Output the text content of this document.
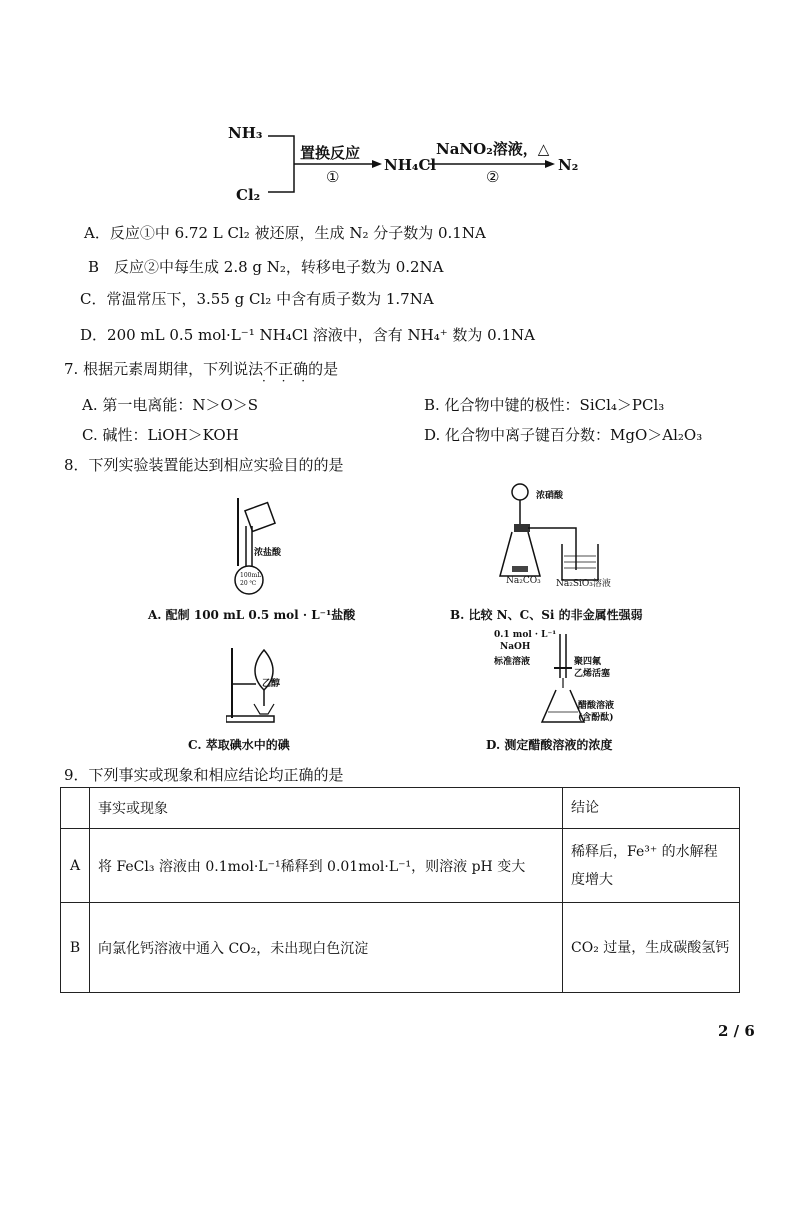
NH₃
Cl₂
置换反应
①
NH₄Cl
NaNO₂溶液，△
②
N₂
A．反应①中 6.72 L Cl₂ 被还原，生成 N₂ 分子数为 0.1NA
B　反应②中每生成 2.8 g N₂，转移电子数为 0.2NA
C．常温常压下，3.55 g Cl₂ 中含有质子数为 1.7NA
D．200 mL 0.5 mol·L⁻¹ NH₄Cl 溶液中，含有 NH₄⁺ 数为 0.1NA
7. 根据元素周期律，下列说法不正确的是
· · ·
A. 第一电离能：N＞O＞S	B. 化合物中键的极性：SiCl₄＞PCl₃
C. 碱性：LiOH＞KOH	D. 化合物中离子键百分数：MgO＞Al₂O₃
8．下列实验装置能达到相应实验目的的是
浓盐酸
100mL
20 ℃
A. 配制 100 mL 0.5 mol · L⁻¹盐酸
浓硝酸
Na₂CO₃ Na₂SiO₃溶液
B. 比较 N、C、Si 的非金属性强弱
乙醇
C. 萃取碘水中的碘
0.1 mol · L⁻¹
NaOH
标准溶液	聚四氟
乙烯活塞
醋酸溶液
(含酚酞)
D. 测定醋酸溶液的浓度
9．下列事实或现象和相应结论均正确的是
	事实或现象	结论
A	将 FeCl₃ 溶液由 0.1mol·L⁻¹稀释到 0.01mol·L⁻¹，则溶液 pH 变大	稀释后，Fe³⁺ 的水解程度增大
B	向氯化钙溶液中通入 CO₂，未出现白色沉淀	CO₂ 过量，生成碳酸氢钙
2 / 6
